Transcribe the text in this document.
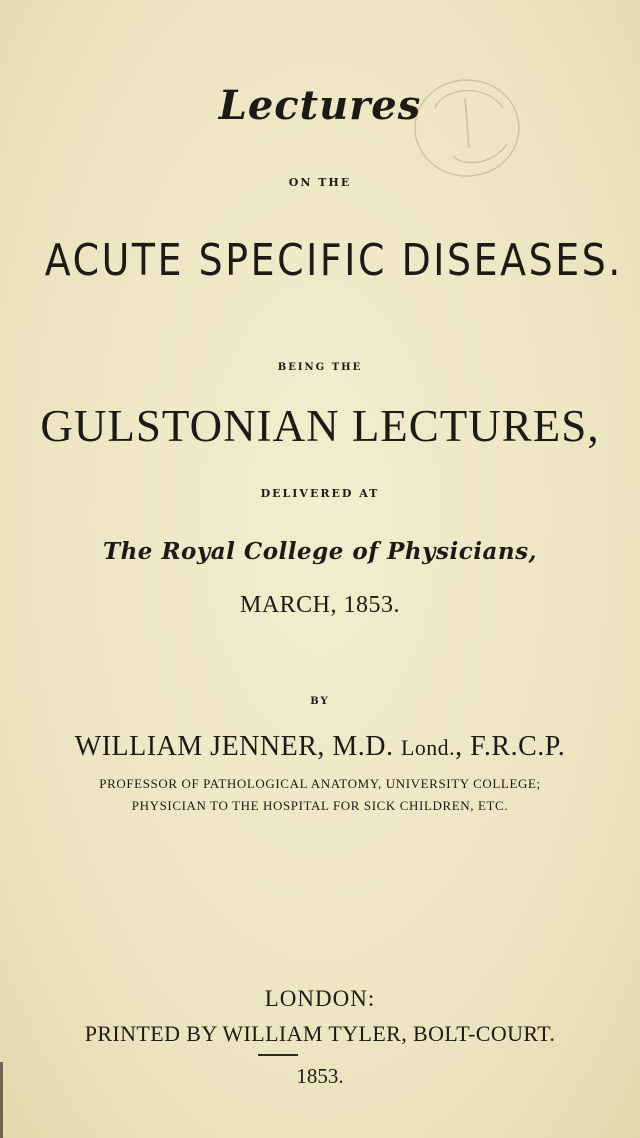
Lectures
ON THE
ACUTE SPECIFIC DISEASES.
BEING THE
GULSTONIAN LECTURES,
DELIVERED AT
The Royal College of Physicians,
MARCH, 1853.
BY
WILLIAM JENNER, M.D. Lond., F.R.C.P.
PROFESSOR OF PATHOLOGICAL ANATOMY, UNIVERSITY COLLEGE;
PHYSICIAN TO THE HOSPITAL FOR SICK CHILDREN, ETC.
LONDON:
PRINTED BY WILLIAM TYLER, BOLT-COURT.
1853.
